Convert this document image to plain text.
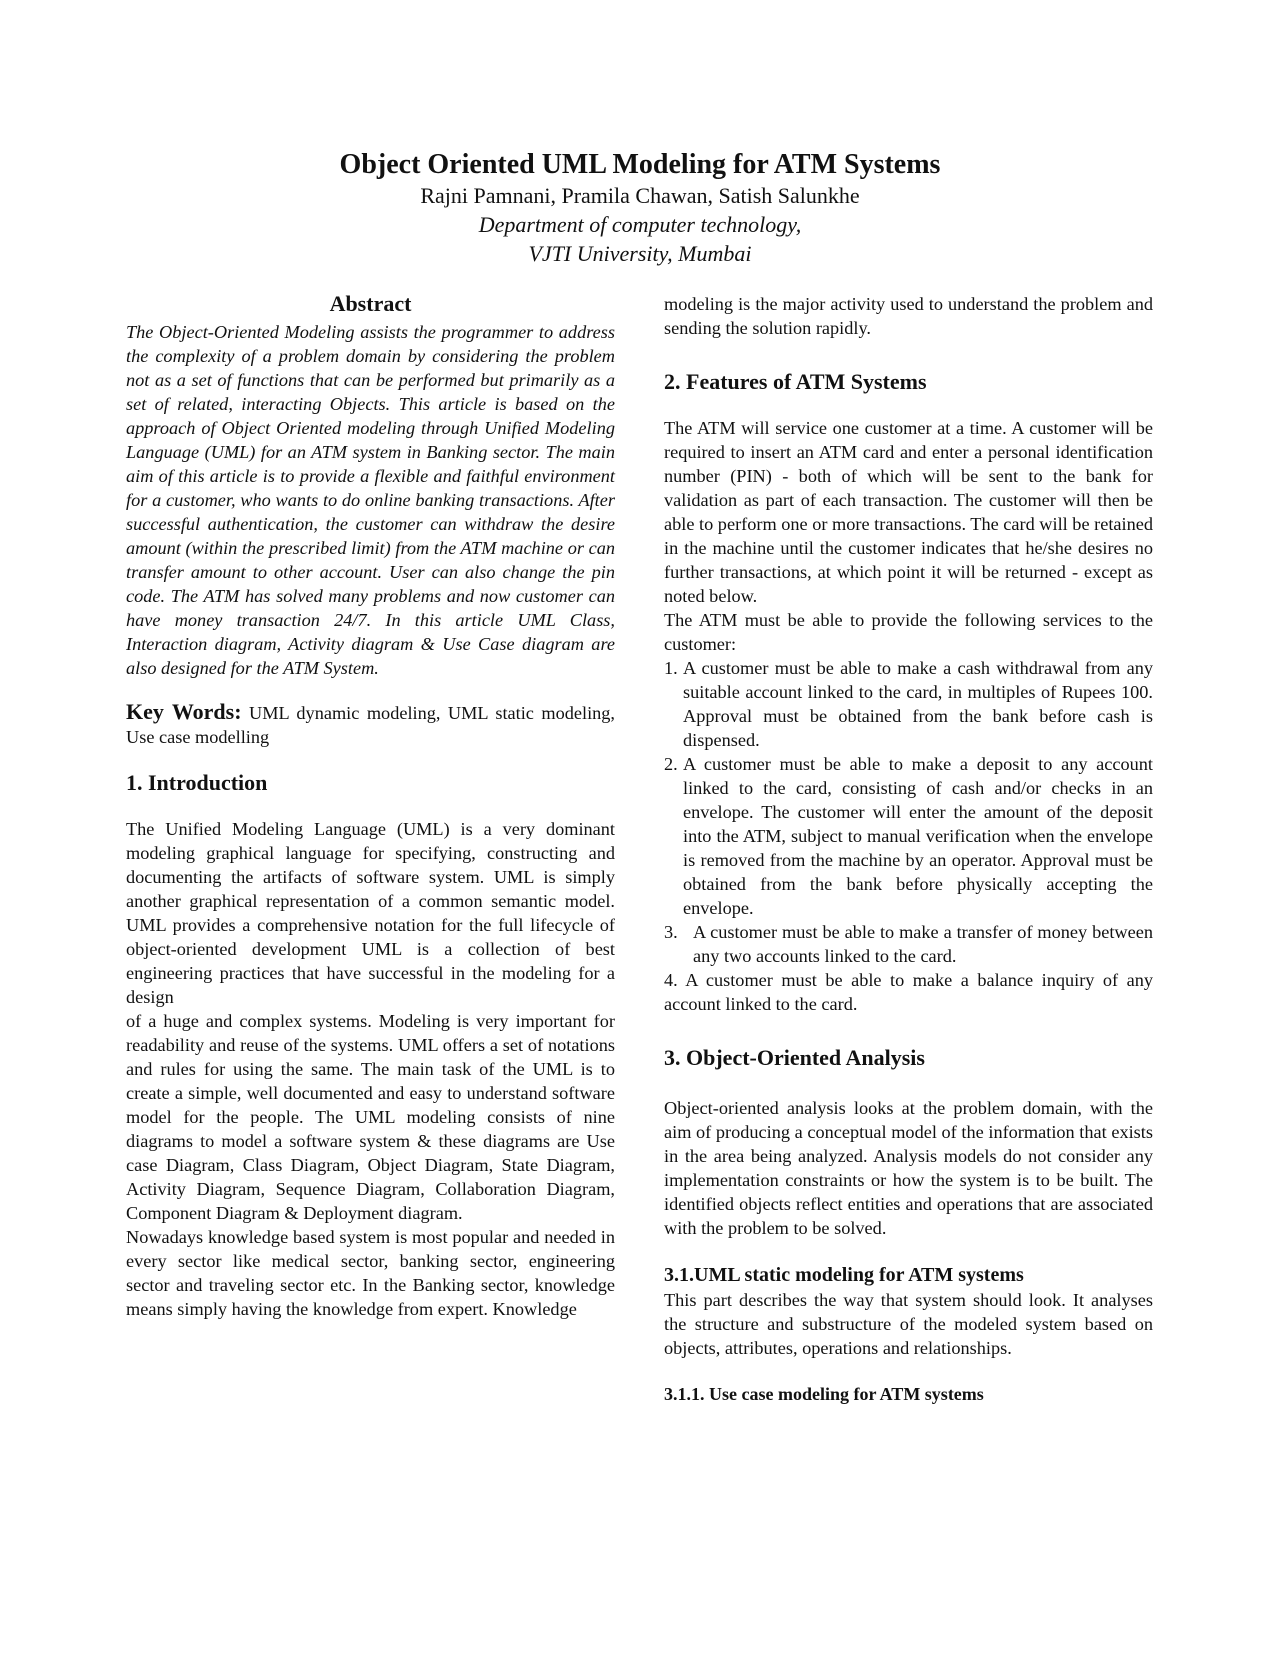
Object Oriented UML Modeling for ATM Systems

Rajni Pamnani, Pramila Chawan, Satish Salunkhe

Department of computer technology,

VJTI University, Mumbai

Abstract

The Object-Oriented Modeling assists the programmer to address the complexity of a problem domain by considering the problem not as a set of functions that can be performed but primarily as a set of related, interacting Objects. This article is based on the approach of Object Oriented modeling through Unified Modeling Language (UML) for an ATM system in Banking sector. The main aim of this article is to provide a flexible and faithful environment for a customer, who wants to do online banking transactions. After successful authentication, the customer can withdraw the desire amount (within the prescribed limit) from the ATM machine or can transfer amount to other account. User can also change the pin code. The ATM has solved many problems and now customer can have money transaction 24/7. In this article UML Class, Interaction diagram, Activity diagram & Use Case diagram are also designed for the ATM System.

Key Words: UML dynamic modeling, UML static modeling, Use case modelling

1. Introduction

The Unified Modeling Language (UML) is a very dominant modeling graphical language for specifying, constructing and documenting the artifacts of software system. UML is simply another graphical representation of a common semantic model. UML provides a comprehensive notation for the full lifecycle of object-oriented development UML is a collection of best engineering practices that have successful in the modeling for a design

of a huge and complex systems. Modeling is very important for readability and reuse of the systems. UML offers a set of notations and rules for using the same. The main task of the UML is to create a simple, well documented and easy to understand software model for the people. The UML modeling consists of nine diagrams to model a software system & these diagrams are Use case Diagram, Class Diagram, Object Diagram, State Diagram, Activity Diagram, Sequence Diagram, Collaboration Diagram, Component Diagram & Deployment diagram.

Nowadays knowledge based system is most popular and needed in every sector like medical sector, banking sector, engineering sector and traveling sector etc. In the Banking sector, knowledge means simply having the knowledge from expert. Knowledge

modeling is the major activity used to understand the problem and sending the solution rapidly.

2. Features of ATM Systems

The ATM will service one customer at a time. A customer will be required to insert an ATM card and enter a personal identification number (PIN) - both of which will be sent to the bank for validation as part of each transaction. The customer will then be able to perform one or more transactions. The card will be retained in the machine until the customer indicates that he/she desires no further transactions, at which point it will be returned - except as noted below.

The ATM must be able to provide the following services to the customer:

1. A customer must be able to make a cash withdrawal from any suitable account linked to the card, in multiples of Rupees 100. Approval must be obtained from the bank before cash is dispensed.
2. A customer must be able to make a deposit to any account linked to the card, consisting of cash and/or checks in an envelope. The customer will enter the amount of the deposit into the ATM, subject to manual verification when the envelope is removed from the machine by an operator. Approval must be obtained from the bank before physically accepting the envelope.
3. A customer must be able to make a transfer of money between any two accounts linked to the card.
4. A customer must be able to make a balance inquiry of any account linked to the card.

3. Object-Oriented Analysis

Object-oriented analysis looks at the problem domain, with the aim of producing a conceptual model of the information that exists in the area being analyzed. Analysis models do not consider any implementation constraints or how the system is to be built. The identified objects reflect entities and operations that are associated with the problem to be solved.

3.1.UML static modeling for ATM systems

This part describes the way that system should look. It analyses the structure and substructure of the modeled system based on objects, attributes, operations and relationships.

3.1.1. Use case modeling for ATM systems
